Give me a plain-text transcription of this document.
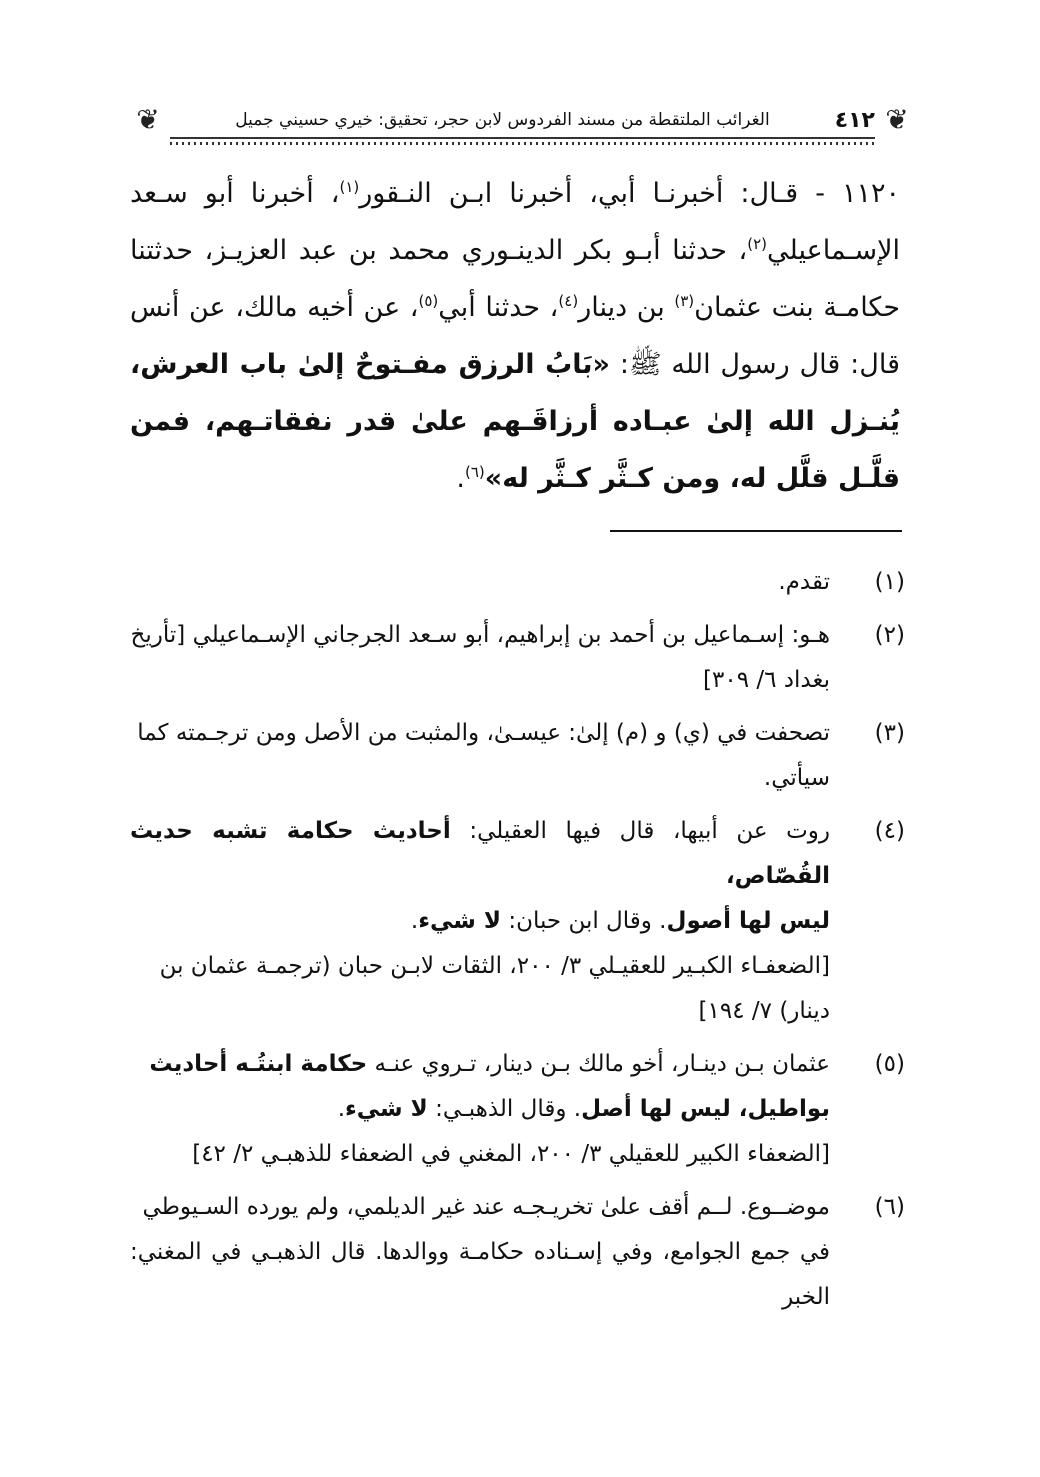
❦
٤١٢
الغرائب الملتقطة من مسند الفردوس لابن حجر، تحقيق: خيري حسيني جميل
❦
١١٢٠ - قـال: أخبرنـا أبي، أخبرنا ابـن النـقور$^{(١)}$، أخبرنا أبو سـعد الإسـماعيلي$^{(٢)}$، حدثنا أبـو بكر الدينـوري محمد بن عبد العزيـز، حدثتنا حكامـة بنت عثمان$^{(٣)}$ بن دينار$^{(٤)}$، حدثنا أبي$^{(٥)}$، عن أخيه مالك، عن أنس قال: قال رسول الله ﷺ: «بَابُ الرزق مفـتوحٌ إلىٰ باب العرش، يُنـزل الله إلىٰ عبـاده أرزاقَـهم علىٰ قدر نفقاتـهم، فمن قلَّـل قلَّل له، ومن كـثَّر كـثَّر له»$^{(٦)}$.
(١)
تقدم.
(٢)
هـو: إسـماعيل بن أحمد بن إبراهيم، أبو سـعد الجرجاني الإسـماعيلي [تأريخ
بغداد ٦/ ٣٠٩]
(٣)
تصحفت في (ي) و (م) إلىٰ: عيسـىٰ، والمثبت من الأصل ومن ترجـمته كما
سيأتي.
(٤)
روت عن أبيها، قال فيها العقيلي: أحاديث حكامة تشبه حديث القُصّاص،
ليس لها أصول. وقال ابن حبان: لا شيء.
[الضعفـاء الكبـير للعقيـلي ٣/ ٢٠٠، الثقات لابـن حبان (ترجمـة عثمان بن
دينار) ٧/ ١٩٤]
(٥)
عثمان بـن دينـار، أخو مالك بـن دينار، تـروي عنـه حكامة ابنتُـه أحاديث
بواطيل، ليس لها أصل. وقال الذهبـي: لا شيء.
[الضعفاء الكبير للعقيلي ٣/ ٢٠٠، المغني في الضعفاء للذهبـي ٢/ ٤٢]
(٦)
موضــوع. لــم أقف علىٰ تخريـجـه عند غير الديلمي، ولم يورده السـيوطي
في جمع الجوامع، وفي إسـناده حكامـة ووالدها. قال الذهبـي في المغني: الخبر
